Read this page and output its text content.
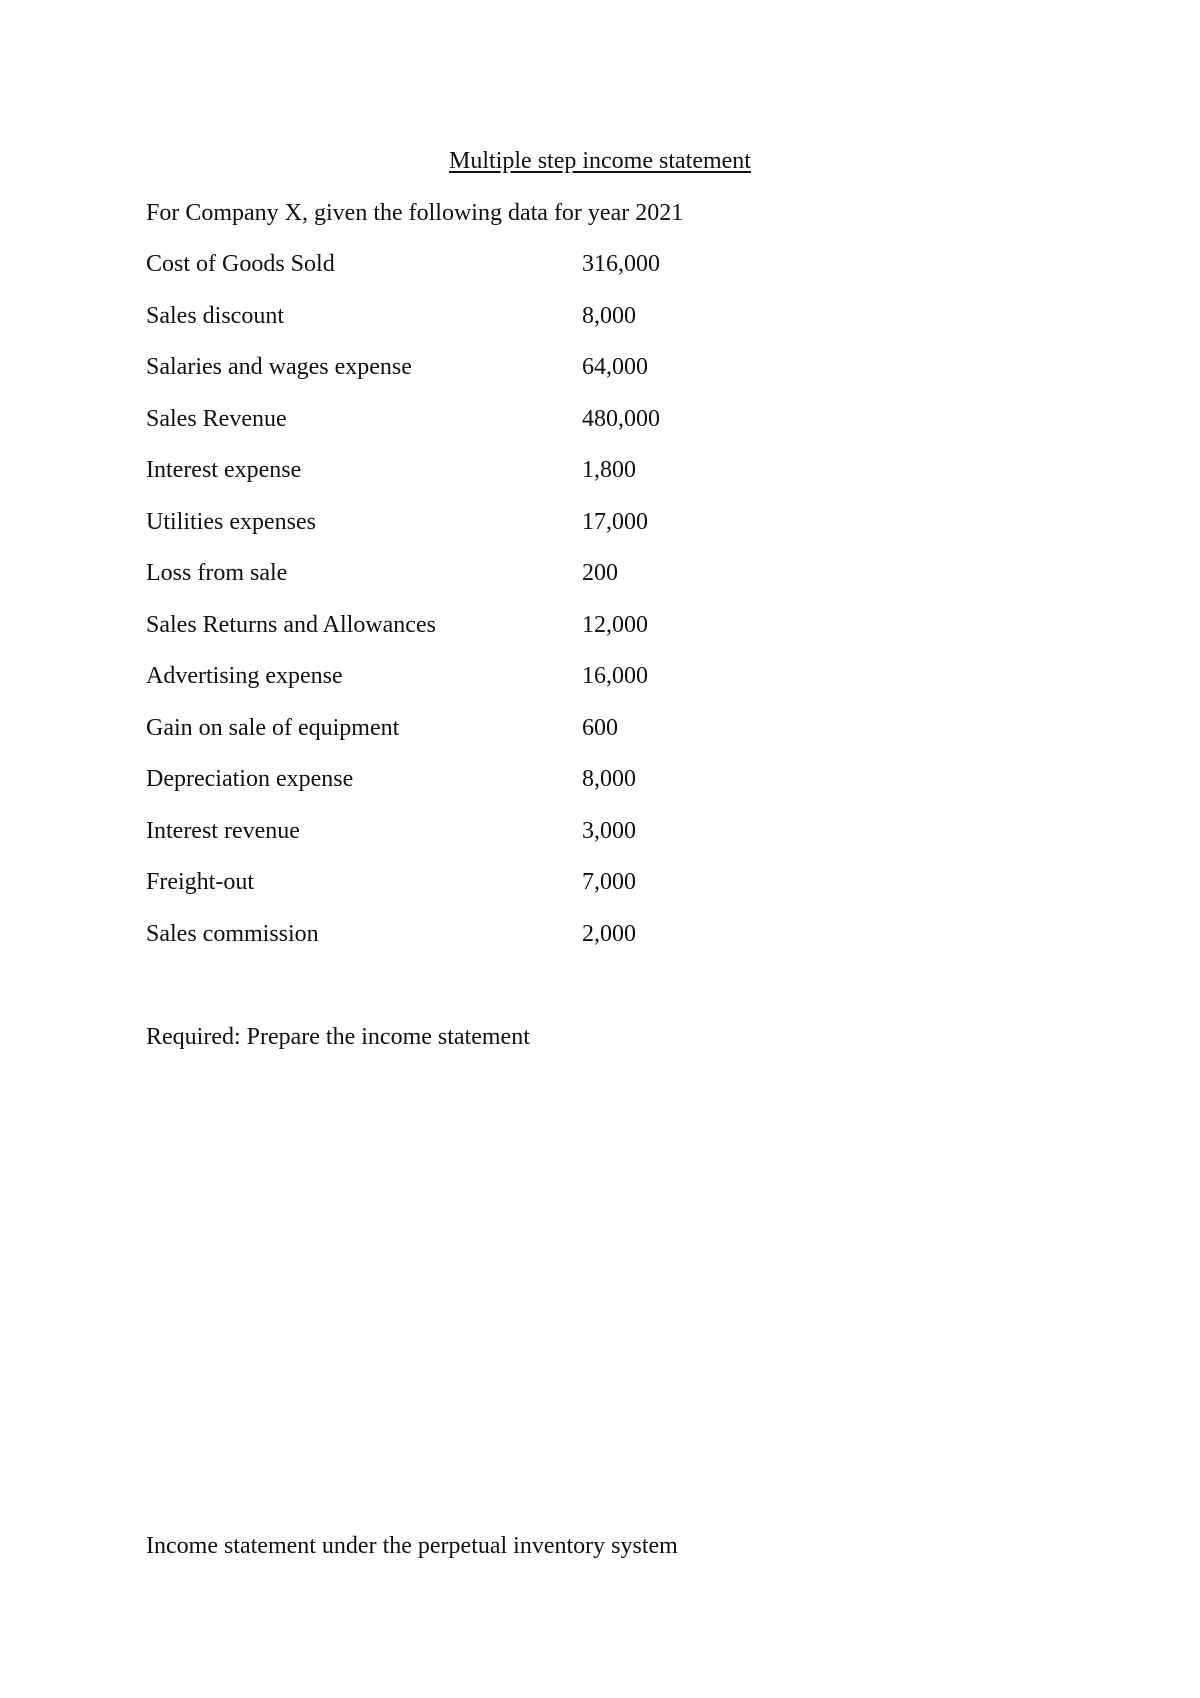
Multiple step income statement
For Company X, given the following data for year 2021
Cost of Goods Sold	316,000
Sales discount	8,000
Salaries and wages expense	64,000
Sales Revenue	480,000
Interest expense	1,800
Utilities expenses	17,000
Loss from sale	200
Sales Returns and Allowances	12,000
Advertising expense	16,000
Gain on sale of equipment	600
Depreciation expense	8,000
Interest revenue	3,000
Freight-out	7,000
Sales commission	2,000
Required: Prepare the income statement
Income statement under the perpetual inventory system
